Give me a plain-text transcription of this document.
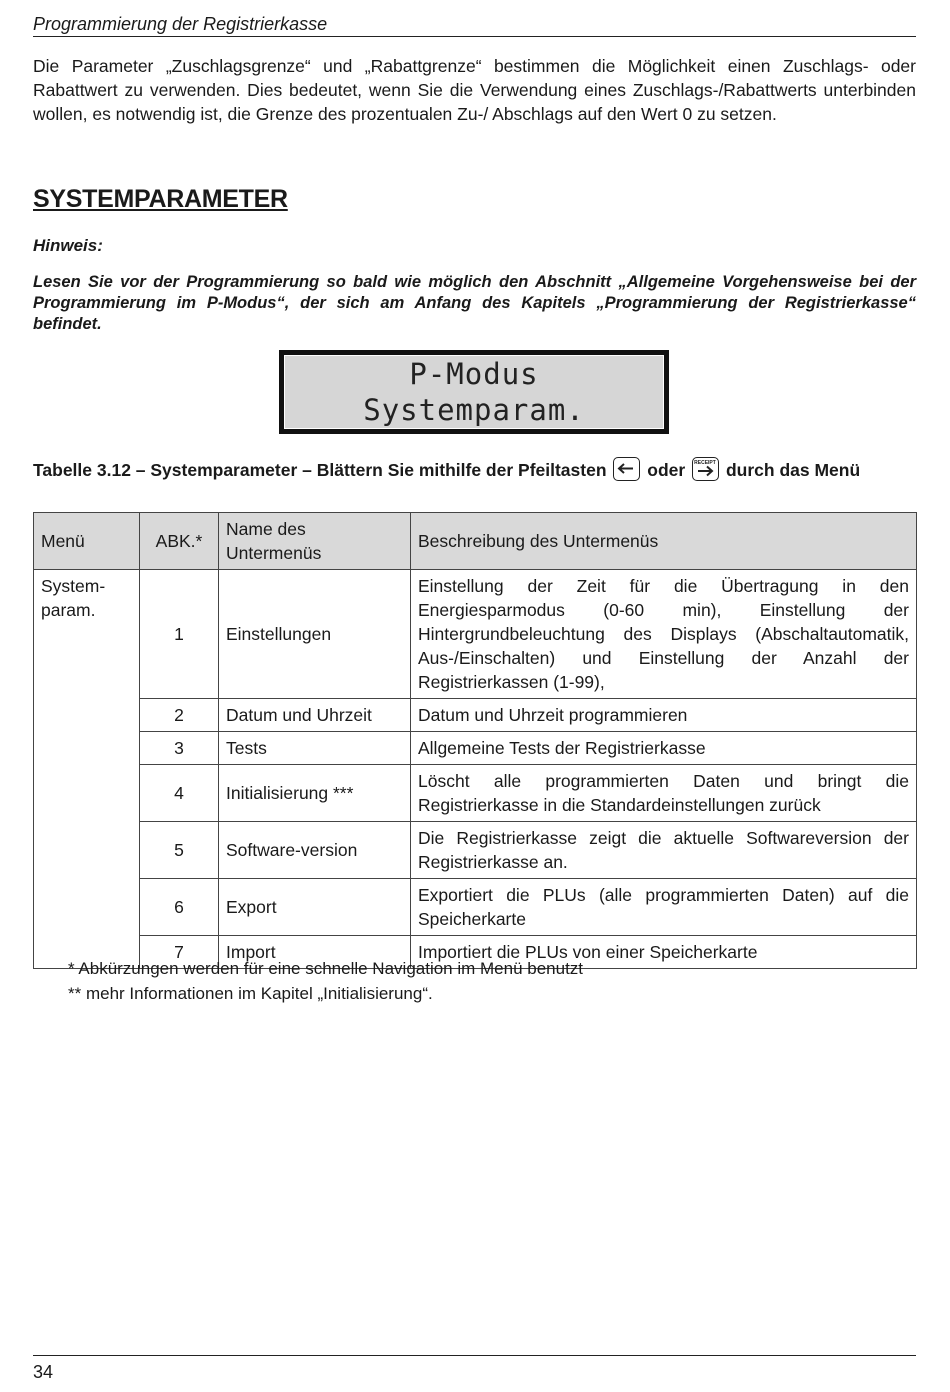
Programmierung der Registrierkasse

Die Parameter „Zuschlagsgrenze“ und „Rabattgrenze“ bestimmen die Möglichkeit einen Zuschlags- oder Rabattwert zu verwenden. Dies bedeutet, wenn Sie die Verwendung eines Zuschlags-/Rabattwerts unterbinden wollen, es notwendig ist, die Grenze des prozentualen Zu-/ Abschlags auf den Wert 0 zu setzen.

SYSTEMPARAMETER
Hinweis:

Lesen Sie vor der Programmierung so bald wie möglich den Abschnitt „Allgemeine Vorgehensweise bei der Programmierung im P-Modus“, der sich am Anfang des Kapitels „Programmierung der Registrierkasse“ befindet.

P-Modus
Systemparam.

Tabelle 3.12 – Systemparameter – Blättern Sie mithilfe der Pfeiltasten oder RECEIPT durch das Menü

Menü	ABK.*	Name des Untermenüs	Beschreibung des Untermenüs
System-param.	1	Einstellungen	Einstellung der Zeit für die Übertragung in den Energiesparmodus (0-60 min), Einstellung der Hintergrundbeleuchtung des Displays (Abschaltautomatik, Aus-/Einschalten) und Einstellung der Anzahl der Registrierkassen (1-99),
	2	Datum und Uhrzeit	Datum und Uhrzeit programmieren
	3	Tests	Allgemeine Tests der Registrierkasse
	4	Initialisierung ***	Löscht alle programmierten Daten und bringt die Registrierkasse in die Standardeinstellungen zurück
	5	Software-version	Die Registrierkasse zeigt die aktuelle Softwareversion der Registrierkasse an.
	6	Export	Exportiert die PLUs (alle programmierten Daten) auf die Speicherkarte
	7	Import	Importiert die PLUs von einer Speicherkarte
* Abkürzungen werden für eine schnelle Navigation im Menü benutzt
** mehr Informationen im Kapitel „Initialisierung“.
34
